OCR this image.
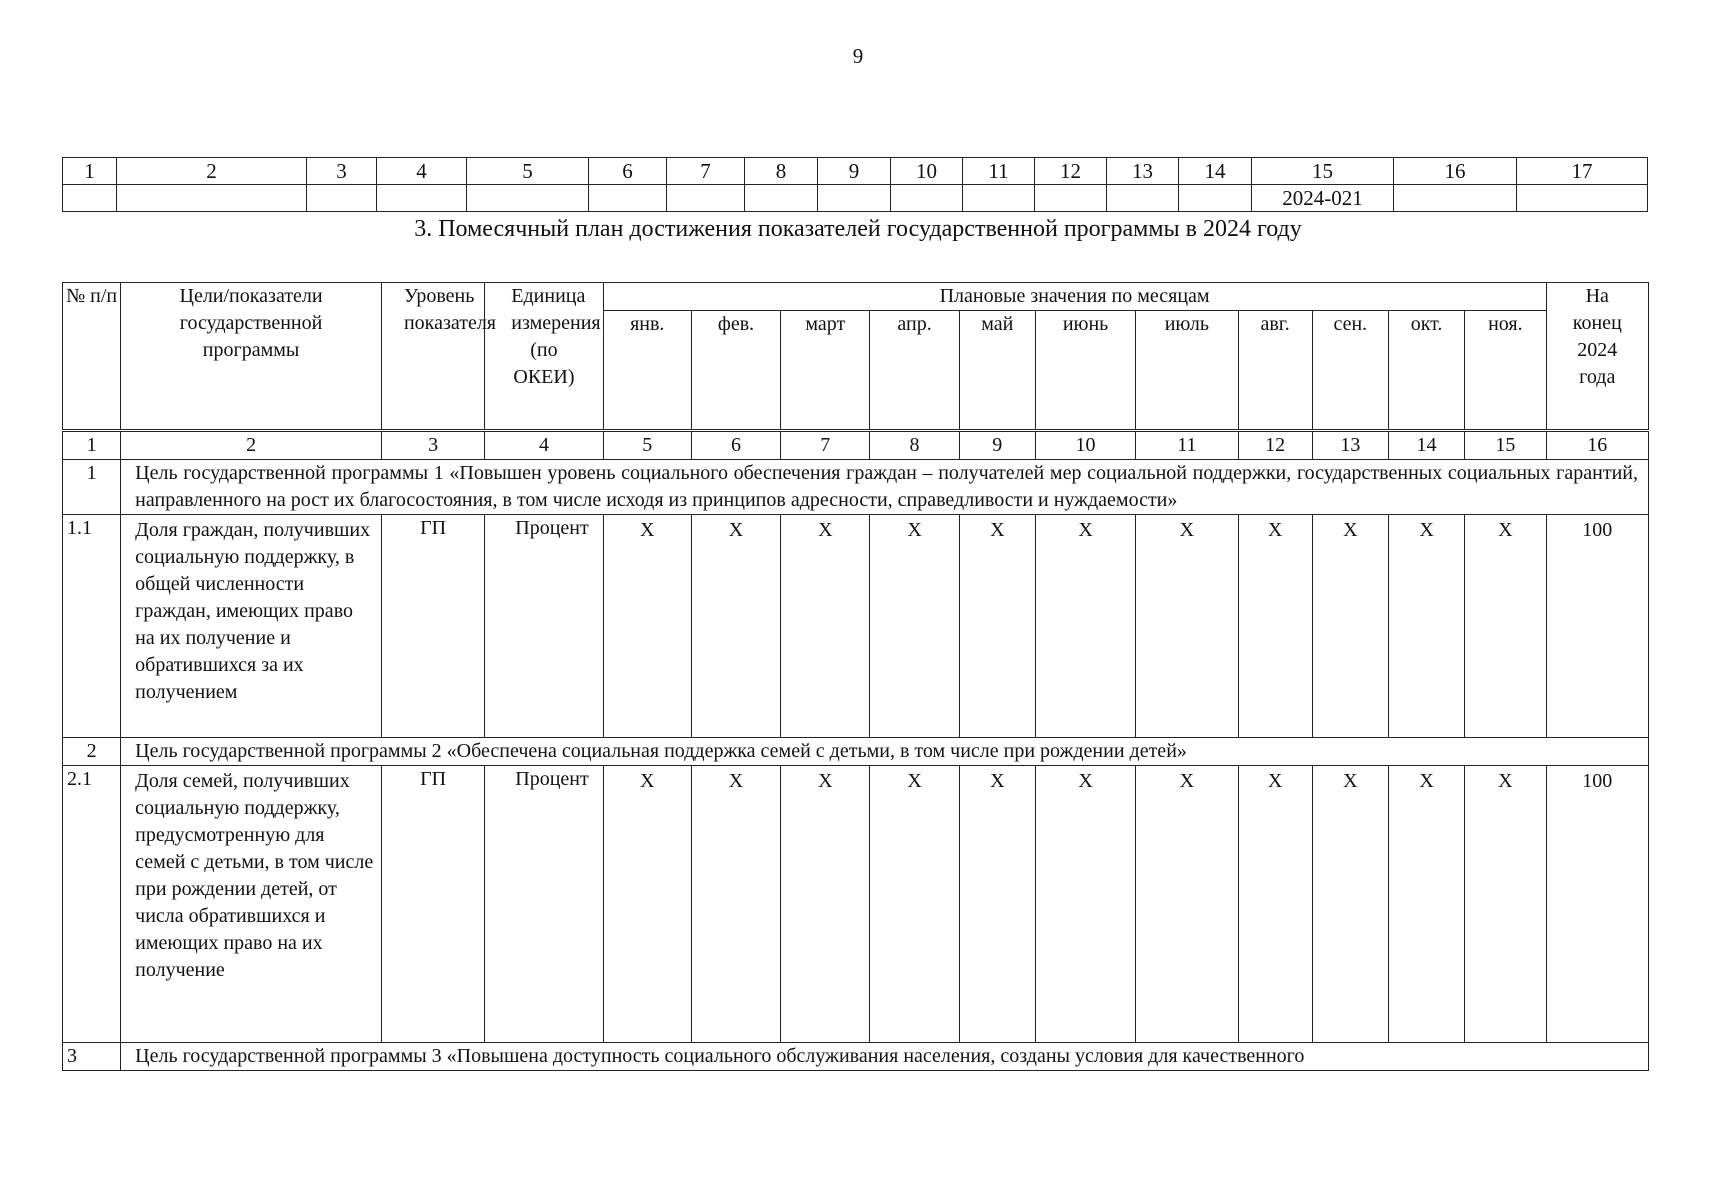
9
1	2	3	4	5	6	7	8	9	10	11	12	13	14	15	16	17
														2024-021		
3. Помесячный план достижения показателей государственной программы в 2024 году
№ п/п	Цели/показатели государственной программы	Уровень показателя	Единица измерения (по ОКЕИ)	Плановые значения по месяцам											На конец 2024 года
				янв.	фев.	март	апр.	май	июнь	июль	авг.	сен.	окт.	ноя.	
1	2	3	4	5	6	7	8	9	10	11	12	13	14	15	16
1	Цель государственной программы 1 «Повышен уровень социального обеспечения граждан – получателей мер социальной поддержки, государственных социальных гарантий, направленного на рост их благосостояния, в том числе исходя из принципов адресности, справедливости и нуждаемости»														
1.1	Доля граждан, получивших социальную поддержку, в общей численности граждан, имеющих право на их получение и обратившихся за их получением	ГП	Процент	X	X	X	X	X	X	X	X	X	X	X	100
2	Цель государственной программы 2 «Обеспечена социальная поддержка семей с детьми, в том числе при рождении детей»														
2.1	Доля семей, получивших социальную поддержку, предусмотренную для семей с детьми, в том числе при рождении детей, от числа обратившихся и имеющих право на их получение	ГП	Процент	X	X	X	X	X	X	X	X	X	X	X	100
3	Цель государственной программы 3 «Повышена доступность социального обслуживания населения, созданы условия для качественного														
